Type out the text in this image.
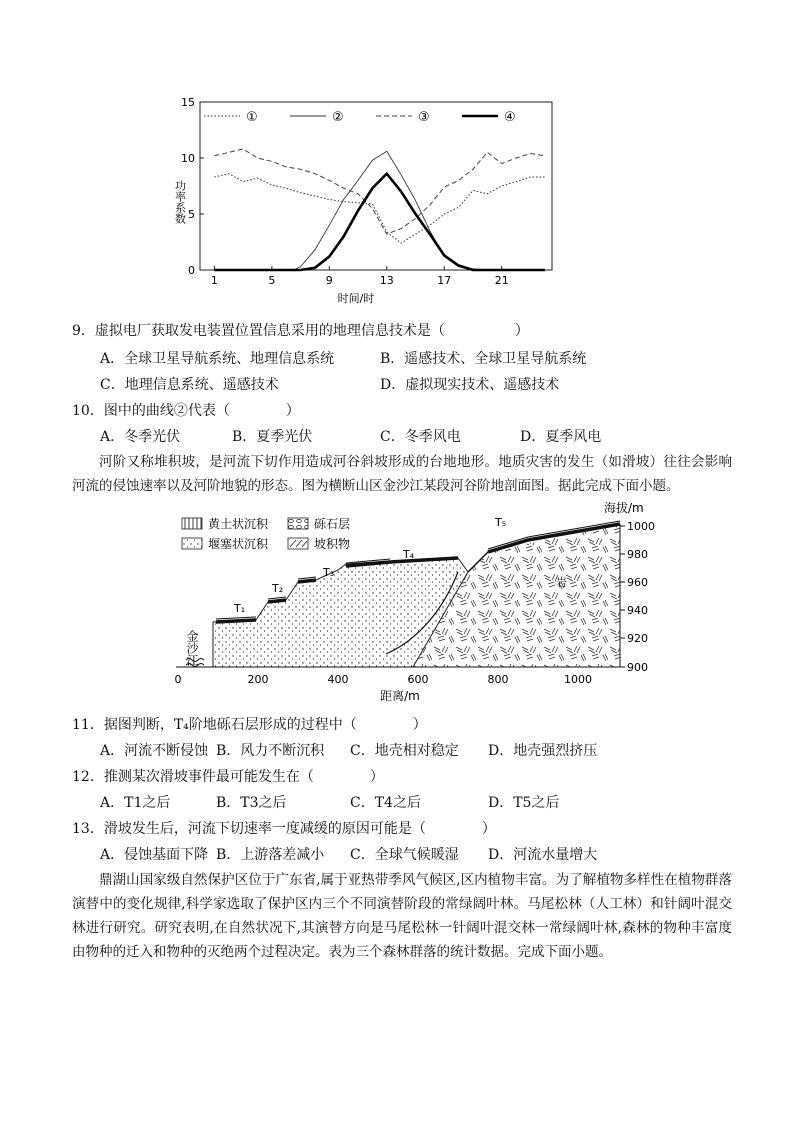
0
5
10
15
1	5	9	13	17	21
①	②	③	④
功率系数
时间/时
9．虚拟电厂获取发电装置位置信息采用的地理信息技术是（　　　　　）
A．全球卫星导航系统、地理信息系统	B．遥感技术、全球卫星导航系统
C．地理信息系统、遥感技术	D．虚拟现实技术、遥感技术
10．图中的曲线②代表（　　　　）
A．冬季光伏	B．夏季光伏	C．冬季风电	D．夏季风电

河阶又称堆积坡，是河流下切作用造成河谷斜坡形成的台地地形。地质灾害的发生（如滑坡）往往会影响河流的侵蚀速率以及河阶地貌的形态。图为横断山区金沙江某段河谷阶地剖面图。据此完成下面小题。

黄土状沉积	砾石层
堰塞状沉积	坡积物
金沙江
岩
T₁
T₂
T₃
T₄
T₅
0	200	400	600	800	1000
距离/m
900
920
940
960
980
1000
海拔/m
11．据图判断，T₄阶地砾石层形成的过程中（　　　　）
A．河流不断侵蚀 B．风力不断沉积 C．地壳相对稳定 D．地壳强烈挤压
12．推测某次滑坡事件最可能发生在（　　　　）
A．T1之后	B．T3之后	C．T4之后	D．T5之后
13．滑坡发生后，河流下切速率一度减缓的原因可能是（　　　　）
A．侵蚀基面下降 B．上游落差减小 C．全球气候暖湿 D．河流水量增大

鼎湖山国家级自然保护区位于广东省,属于亚热带季风气候区,区内植物丰富。为了解植物多样性在植物群落演替中的变化规律,科学家选取了保护区内三个不同演替阶段的常绿阔叶林。马尾松林（人工林）和针阔叶混交林进行研究。研究表明,在自然状况下,其演替方向是马尾松林一针阔叶混交林一常绿阔叶林,森林的物种丰富度由物种的迁入和物种的灭绝两个过程决定。表为三个森林群落的统计数据。完成下面小题。
